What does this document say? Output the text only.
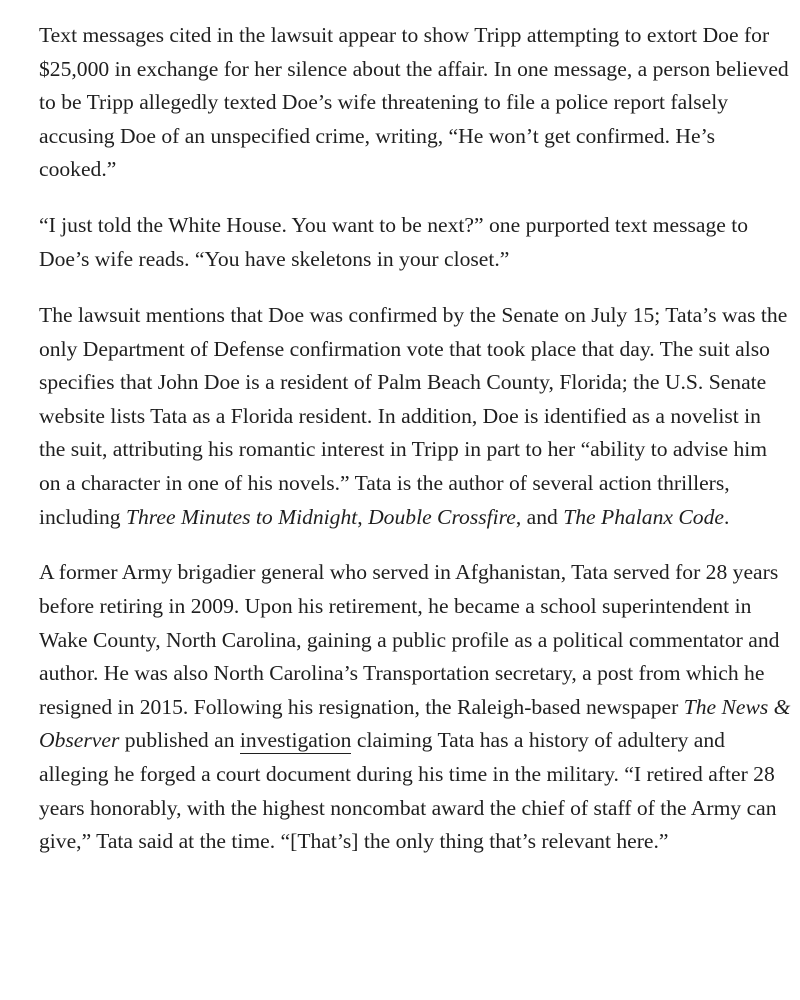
Text messages cited in the lawsuit appear to show Tripp attempting to extort Doe for $25,000 in exchange for her silence about the affair. In one message, a person believed to be Tripp allegedly texted Doe’s wife threatening to file a police report falsely accusing Doe of an unspecified crime, writing, “He won’t get confirmed. He’s cooked.”

“I just told the White House. You want to be next?” one purported text message to Doe’s wife reads. “You have skeletons in your closet.”

The lawsuit mentions that Doe was confirmed by the Senate on July 15; Tata’s was the only Department of Defense confirmation vote that took place that day. The suit also specifies that John Doe is a resident of Palm Beach County, Florida; the U.S. Senate website lists Tata as a Florida resident. In addition, Doe is identified as a novelist in the suit, attributing his romantic interest in Tripp in part to her “ability to advise him on a character in one of his novels.” Tata is the author of several action thrillers, including Three Minutes to Midnight, Double Crossfire, and The Phalanx Code.

A former Army brigadier general who served in Afghanistan, Tata served for 28 years before retiring in 2009. Upon his retirement, he became a school superintendent in Wake County, North Carolina, gaining a public profile as a political commentator and author. He was also North Carolina’s Transportation secretary, a post from which he resigned in 2015. Following his resignation, the Raleigh-based newspaper The News & Observer published an investigation claiming Tata has a history of adultery and alleging he forged a court document during his time in the military. “I retired after 28 years honorably, with the highest noncombat award the chief of staff of the Army can give,” Tata said at the time. “[That’s] the only thing that’s relevant here.”
